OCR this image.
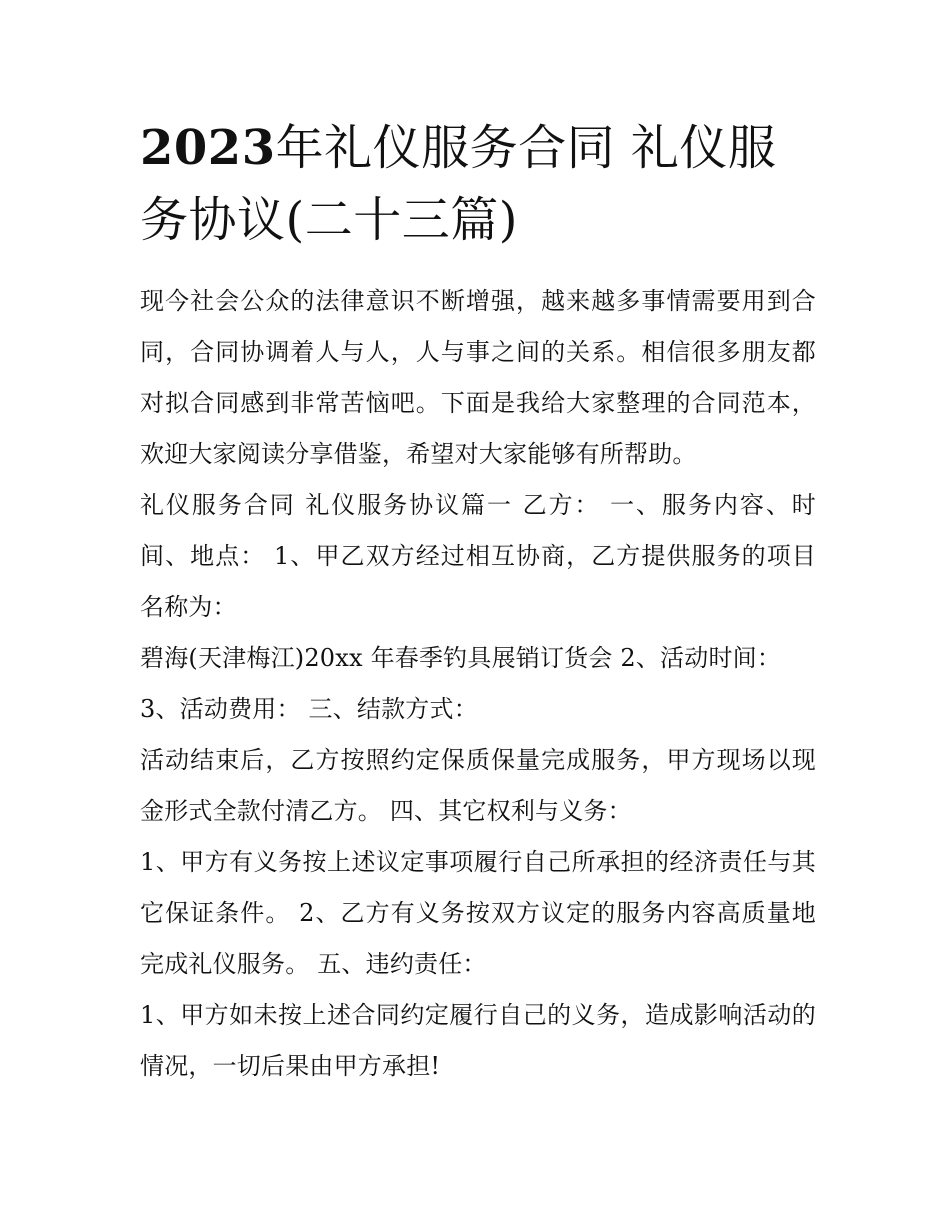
2023年礼仪服务合同 礼仪服务协议(二十三篇)

现今社会公众的法律意识不断增强，越来越多事情需要用到合同，合同协调着人与人，人与事之间的关系。相信很多朋友都对拟合同感到非常苦恼吧。下面是我给大家整理的合同范本，欢迎大家阅读分享借鉴，希望对大家能够有所帮助。

礼仪服务合同 礼仪服务协议篇一 乙方： 一、服务内容、时间、地点： 1、甲乙双方经过相互协商，乙方提供服务的项目名称为：

碧海(天津梅江)20xx 年春季钓具展销订货会 2、活动时间：

3、活动费用： 三、结款方式：

活动结束后，乙方按照约定保质保量完成服务，甲方现场以现金形式全款付清乙方。 四、其它权利与义务：

1、甲方有义务按上述议定事项履行自己所承担的经济责任与其它保证条件。 2、乙方有义务按双方议定的服务内容高质量地完成礼仪服务。 五、违约责任：

1、甲方如未按上述合同约定履行自己的义务，造成影响活动的情况，一切后果由甲方承担!
